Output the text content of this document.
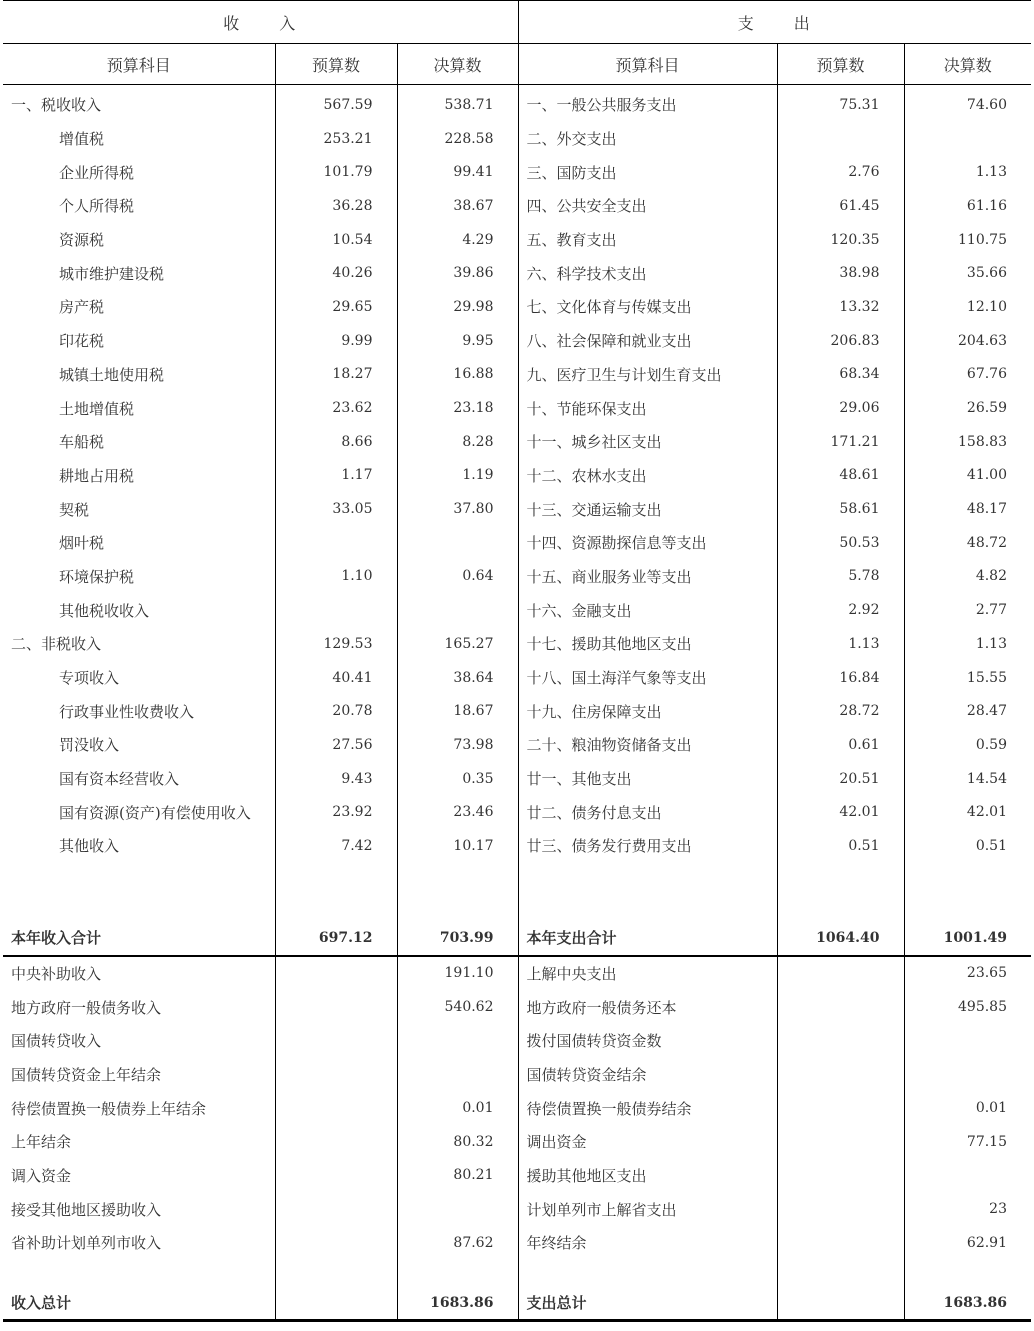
收 入			支 出		
预算科目	预算数	决算数	预算科目	预算数	决算数
一、税收收入	567.59	538.71	一、一般公共服务支出	75.31	74.60
增值税	253.21	228.58	二、外交支出		
企业所得税	101.79	99.41	三、国防支出	2.76	1.13
个人所得税	36.28	38.67	四、公共安全支出	61.45	61.16
资源税	10.54	4.29	五、教育支出	120.35	110.75
城市维护建设税	40.26	39.86	六、科学技术支出	38.98	35.66
房产税	29.65	29.98	七、文化体育与传媒支出	13.32	12.10
印花税	9.99	9.95	八、社会保障和就业支出	206.83	204.63
城镇土地使用税	18.27	16.88	九、医疗卫生与计划生育支出	68.34	67.76
土地增值税	23.62	23.18	十、节能环保支出	29.06	26.59
车船税	8.66	8.28	十一、城乡社区支出	171.21	158.83
耕地占用税	1.17	1.19	十二、农林水支出	48.61	41.00
契税	33.05	37.80	十三、交通运输支出	58.61	48.17
烟叶税			十四、资源勘探信息等支出	50.53	48.72
环境保护税	1.10	0.64	十五、商业服务业等支出	5.78	4.82
其他税收收入			十六、金融支出	2.92	2.77
二、非税收入	129.53	165.27	十七、援助其他地区支出	1.13	1.13
专项收入	40.41	38.64	十八、国土海洋气象等支出	16.84	15.55
行政事业性收费收入	20.78	18.67	十九、住房保障支出	28.72	28.47
罚没收入	27.56	73.98	二十、粮油物资储备支出	0.61	0.59
国有资本经营收入	9.43	0.35	廿一、其他支出	20.51	14.54
国有资源(资产)有偿使用收入	23.92	23.46	廿二、债务付息支出	42.01	42.01
其他收入	7.42	10.17	廿三、债务发行费用支出	0.51	0.51

本年收入合计	697.12	703.99	本年支出合计	1064.40	1001.49
中央补助收入		191.10	上解中央支出		23.65
地方政府一般债务收入		540.62	地方政府一般债务还本		495.85
国债转贷收入			拨付国债转贷资金数		
国债转贷资金上年结余			国债转贷资金结余		
待偿债置换一般债券上年结余		0.01	待偿债置换一般债券结余		0.01
上年结余		80.32	调出资金		77.15
调入资金		80.21	援助其他地区支出		
接受其他地区援助收入			计划单列市上解省支出		23
省补助计划单列市收入		87.62	年终结余		62.91

收入总计		1683.86	支出总计		1683.86
